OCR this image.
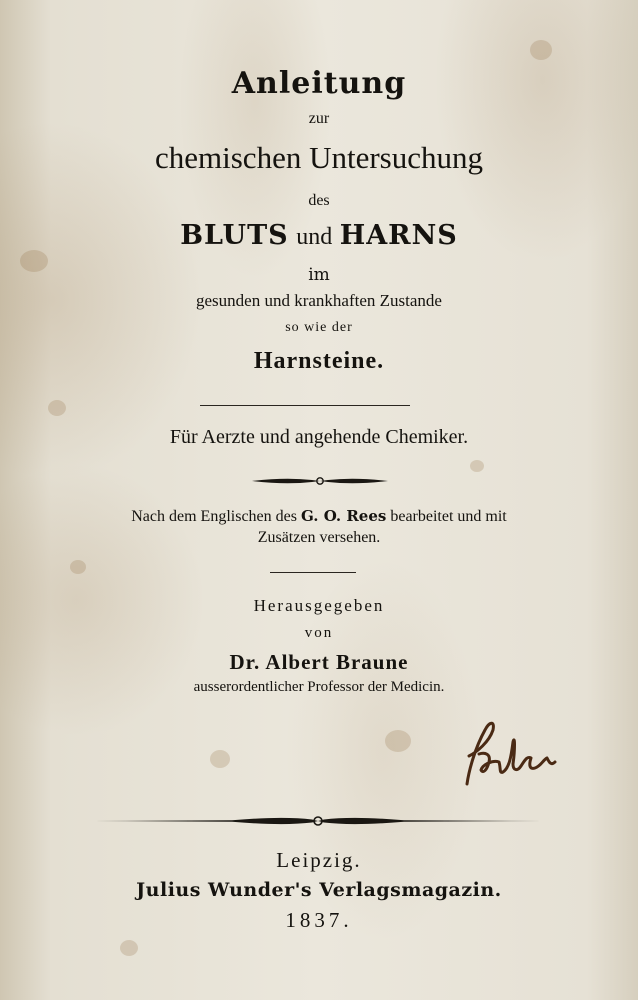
Anleitung
zur
chemischen Untersuchung
des
BLUTS und HARNS
im
gesunden und krankhaften Zustande
so wie der
Harnsteine.
Für Aerzte und angehende Chemiker.
Nach dem Englischen des G. O. Rees bearbeitet und mit
Zusätzen versehen.
Herausgegeben
von
Dr. Albert Braune
ausserordentlicher Professor der Medicin.
Leipzig.
Julius Wunder's Verlagsmagazin.
1837.
